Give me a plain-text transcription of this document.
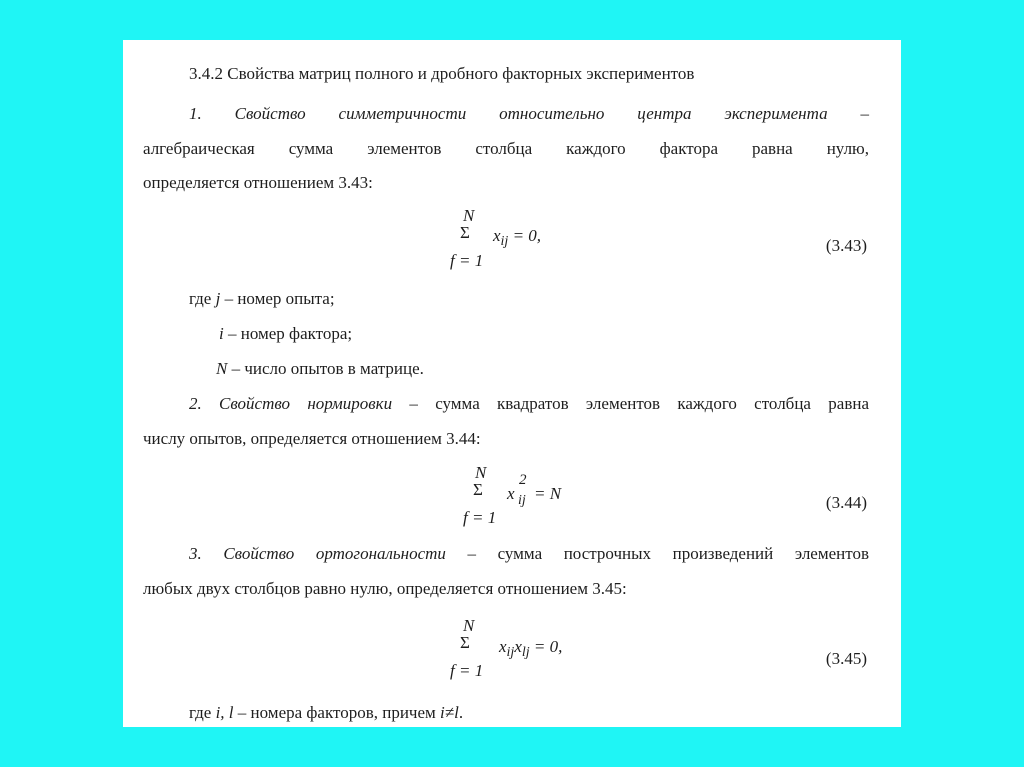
3.4.2 Свойства матриц полного и дробного факторных экспериментов
1. Свойство симметричности относительно центра эксперимента –
алгебраическая сумма элементов столбца каждого фактора равна нулю,
определяется отношением 3.43:
N
Σ
f = 1
$x_{ij} = 0$,
(3.43)
где j – номер опыта;
i – номер фактора;
N – число опытов в матрице.
2. Свойство нормировки – сумма квадратов элементов каждого столбца равна
числу опытов, определяется отношением 3.44:
N
Σ
f = 1
x
2
ij = N	(3.44)
3. Свойство ортогональности – сумма построчных произведений элементов
любых двух столбцов равно нулю, определяется отношением 3.45:
N
Σ
f = 1
$x_{ij}x_{lj} = 0$,
(3.45)
где i, l – номера факторов, причем i≠l.
